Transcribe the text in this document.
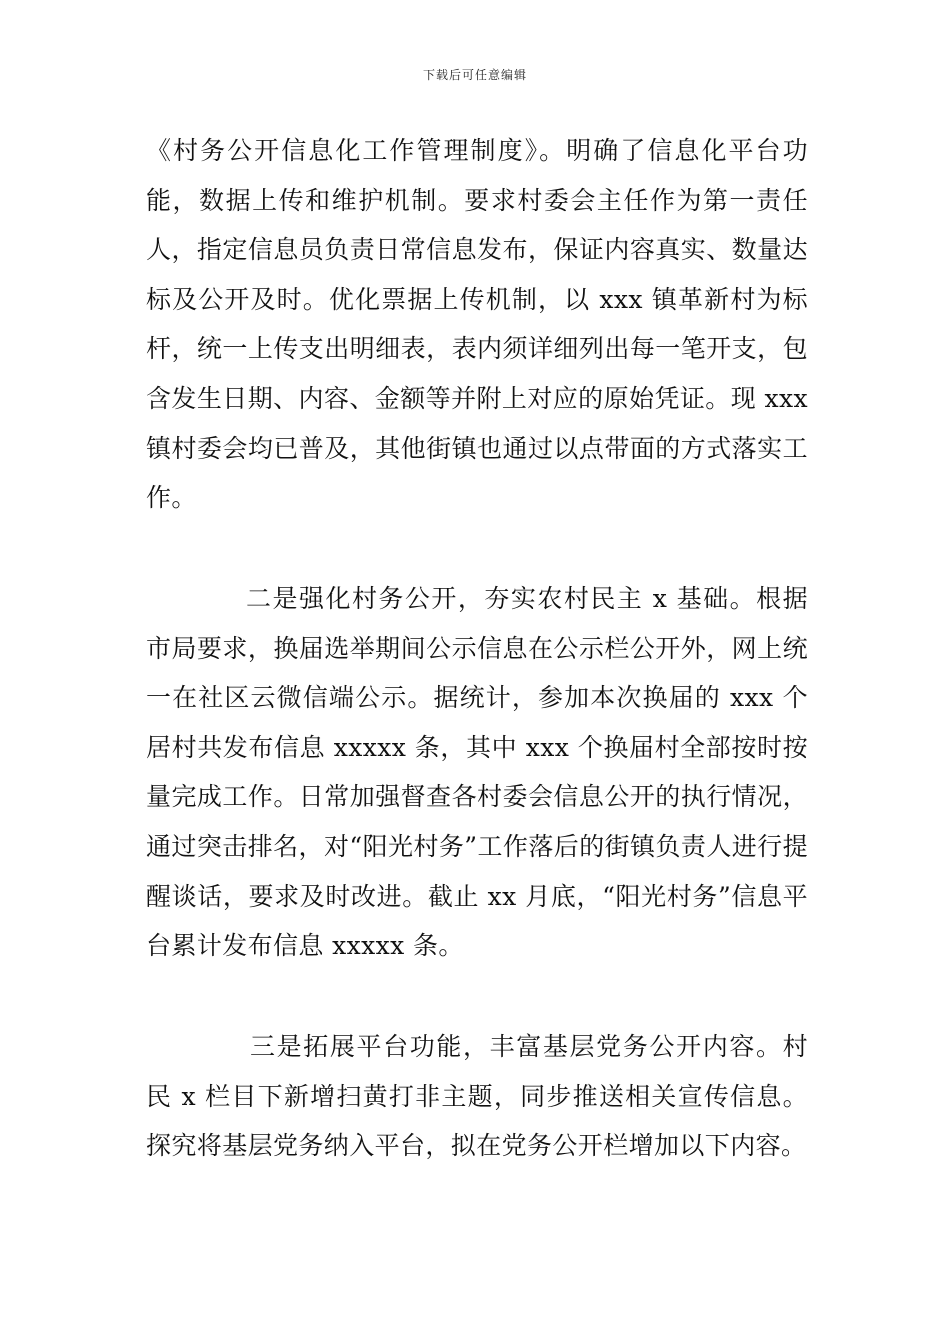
下载后可任意编辑

《村务公开信息化工作管理制度》。明确了信息化平台功能，数据上传和维护机制。要求村委会主任作为第一责任人，指定信息员负责日常信息发布，保证内容真实、数量达标及公开及时。优化票据上传机制，以 xxx 镇革新村为标杆，统一上传支出明细表，表内须详细列出每一笔开支，包含发生日期、内容、金额等并附上对应的原始凭证。现 xxx 镇村委会均已普及，其他街镇也通过以点带面的方式落实工作。

二是强化村务公开，夯实农村民主 x 基础。根据市局要求，换届选举期间公示信息在公示栏公开外，网上统一在社区云微信端公示。据统计，参加本次换届的 xxx 个居村共发布信息 xxxxx 条，其中 xxx 个换届村全部按时按量完成工作。日常加强督查各村委会信息公开的执行情况，通过突击排名，对“阳光村务”工作落后的街镇负责人进行提醒谈话，要求及时改进。截止 xx 月底，“阳光村务”信息平台累计发布信息 xxxxx 条。

三是拓展平台功能，丰富基层党务公开内容。村民 x 栏目下新增扫黄打非主题，同步推送相关宣传信息。探究将基层党务纳入平台，拟在党务公开栏增加以下内容。
